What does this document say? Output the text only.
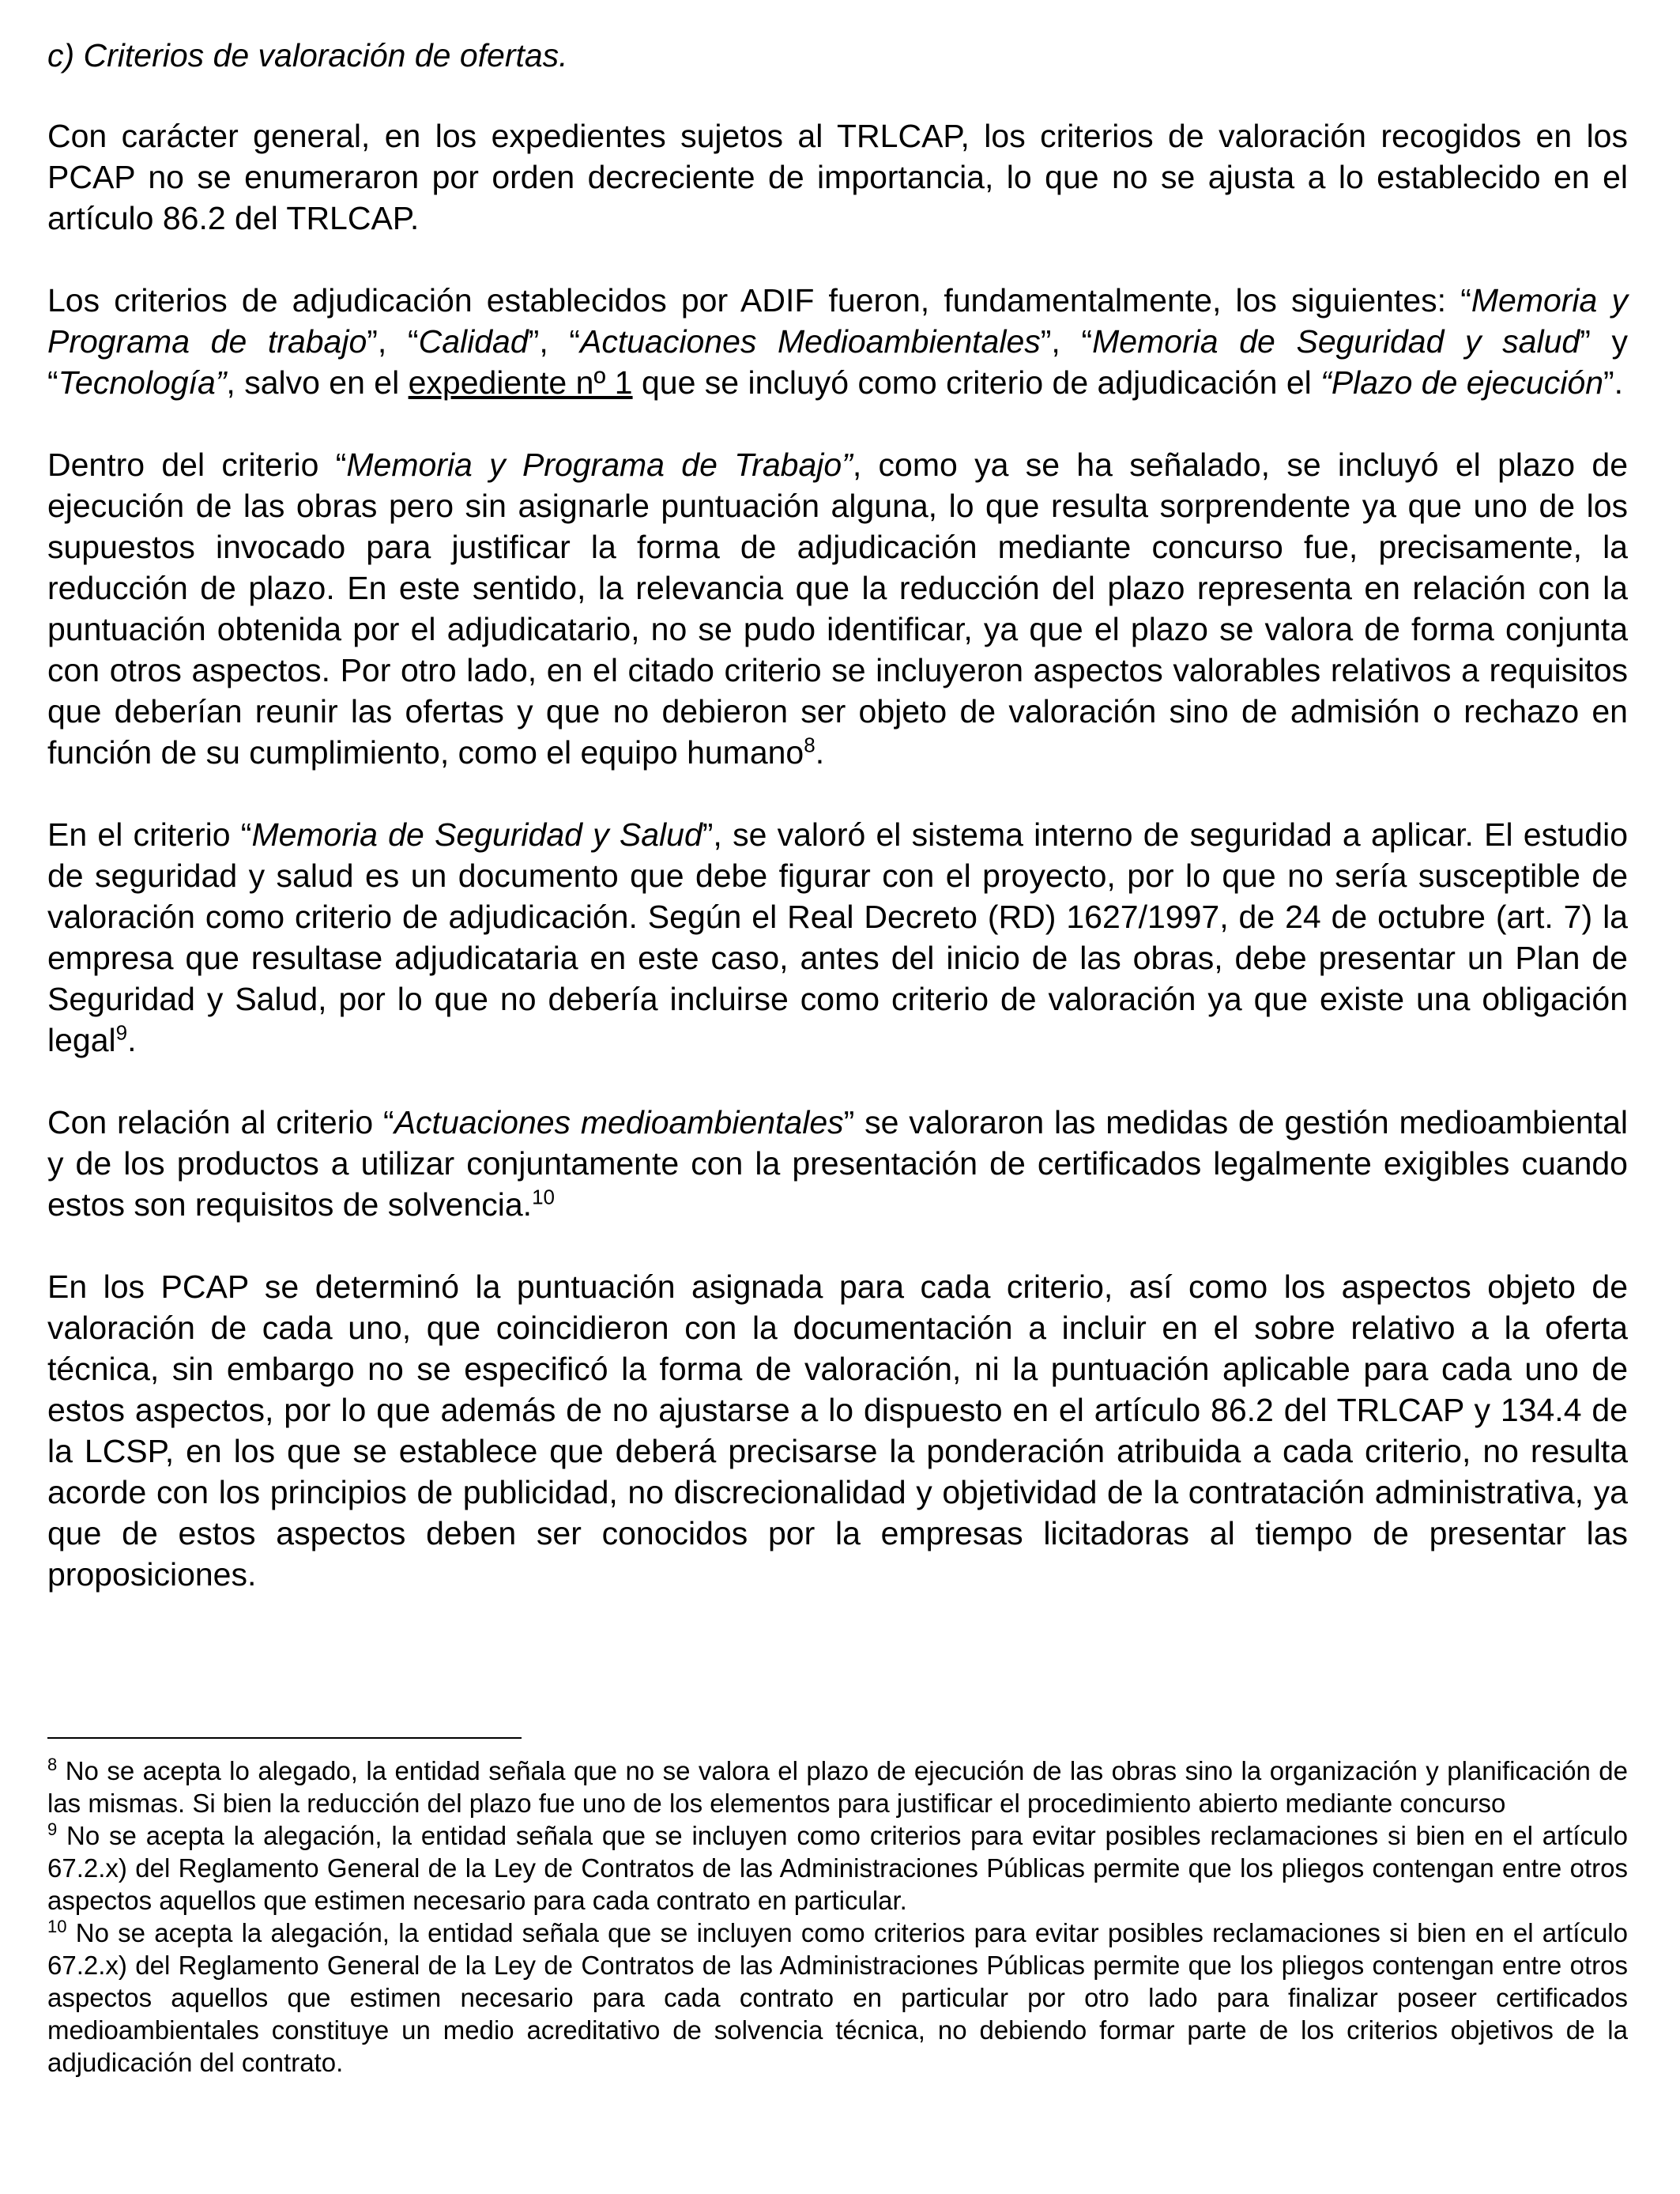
c) Criterios de valoración de ofertas.

Con carácter general, en los expedientes sujetos al TRLCAP, los criterios de valoración recogidos en los PCAP no se enumeraron por orden decreciente de importancia, lo que no se ajusta a lo establecido en el artículo 86.2 del TRLCAP.

Los criterios de adjudicación establecidos por ADIF fueron, fundamentalmente, los siguientes: “Memoria y Programa de trabajo”, “Calidad”, “Actuaciones Medioambientales”, “Memoria de Seguridad y salud” y “Tecnología”, salvo en el expediente nº 1 que se incluyó como criterio de adjudicación el “Plazo de ejecución”.

Dentro del criterio “Memoria y Programa de Trabajo”, como ya se ha señalado, se incluyó el plazo de ejecución de las obras pero sin asignarle puntuación alguna, lo que resulta sorprendente ya que uno de los supuestos invocado para justificar la forma de adjudicación mediante concurso fue, precisamente, la reducción de plazo. En este sentido, la relevancia que la reducción del plazo representa en relación con la puntuación obtenida por el adjudicatario, no se pudo identificar, ya que el plazo se valora de forma conjunta con otros aspectos. Por otro lado, en el citado criterio se incluyeron aspectos valorables relativos a requisitos que deberían reunir las ofertas y que no debieron ser objeto de valoración sino de admisión o rechazo en función de su cumplimiento, como el equipo humano$^8$.

En el criterio “Memoria de Seguridad y Salud”, se valoró el sistema interno de seguridad a aplicar. El estudio de seguridad y salud es un documento que debe figurar con el proyecto, por lo que no sería susceptible de valoración como criterio de adjudicación. Según el Real Decreto (RD) 1627/1997, de 24 de octubre (art. 7) la empresa que resultase adjudicataria en este caso, antes del inicio de las obras, debe presentar un Plan de Seguridad y Salud, por lo que no debería incluirse como criterio de valoración ya que existe una obligación legal$^9$.

Con relación al criterio “Actuaciones medioambientales” se valoraron las medidas de gestión medioambiental y de los productos a utilizar conjuntamente con la presentación de certificados legalmente exigibles cuando estos son requisitos de solvencia.$^{10}$

En los PCAP se determinó la puntuación asignada para cada criterio, así como los aspectos objeto de valoración de cada uno, que coincidieron con la documentación a incluir en el sobre relativo a la oferta técnica, sin embargo no se especificó la forma de valoración, ni la puntuación aplicable para cada uno de estos aspectos, por lo que además de no ajustarse a lo dispuesto en el artículo 86.2 del TRLCAP y 134.4 de la LCSP, en los que se establece que deberá precisarse la ponderación atribuida a cada criterio, no resulta acorde con los principios de publicidad, no discrecionalidad y objetividad de la contratación administrativa, ya que de estos aspectos deben ser conocidos por la empresas licitadoras al tiempo de presentar las proposiciones.

$^8$ No se acepta lo alegado, la entidad señala que no se valora el plazo de ejecución de las obras sino la organización y planificación de las mismas. Si bien la reducción del plazo fue uno de los elementos para justificar el procedimiento abierto mediante concurso

$^9$ No se acepta la alegación, la entidad señala que se incluyen como criterios para evitar posibles reclamaciones si bien en el artículo 67.2.x) del Reglamento General de la Ley de Contratos de las Administraciones Públicas permite que los pliegos contengan entre otros aspectos aquellos que estimen necesario para cada contrato en particular.

$^{10}$ No se acepta la alegación, la entidad señala que se incluyen como criterios para evitar posibles reclamaciones si bien en el artículo 67.2.x) del Reglamento General de la Ley de Contratos de las Administraciones Públicas permite que los pliegos contengan entre otros aspectos aquellos que estimen necesario para cada contrato en particular por otro lado para finalizar poseer certificados medioambientales constituye un medio acreditativo de solvencia técnica, no debiendo formar parte de los criterios objetivos de la adjudicación del contrato.
